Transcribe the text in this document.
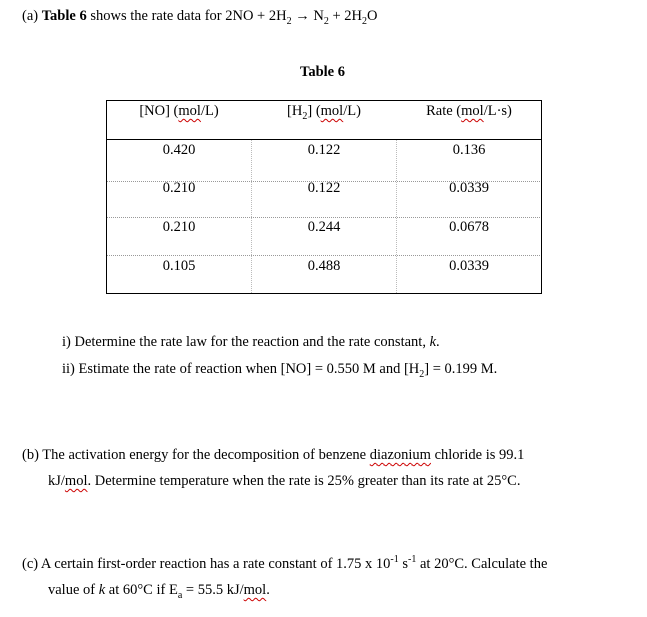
(a) Table 6 shows the rate data for $2NO + 2H_2 \to N_2 + 2H_2O$
Table 6
[NO] (mol/L)	$[H_2]$ (mol/L)	Rate (mol/L·s)
0.420	0.122	0.136
0.210	0.122	0.0339
0.210	0.244	0.0678
0.105	0.488	0.0339
i) Determine the rate law for the reaction and the rate constant, k.
ii) Estimate the rate of reaction when [NO] = 0.550 M and $[H_2] = 0.199$ M.
(b) The activation energy for the decomposition of benzene diazonium chloride is 99.1
kJ/mol. Determine temperature when the rate is 25% greater than its rate at 25°C.
(c) A certain first-order reaction has a rate constant of 1.75 x $10^{-1}$ $s^{-1}$ at 20°C. Calculate the
value of k at 60°C if $E_a = 55.5$ kJ/mol.
